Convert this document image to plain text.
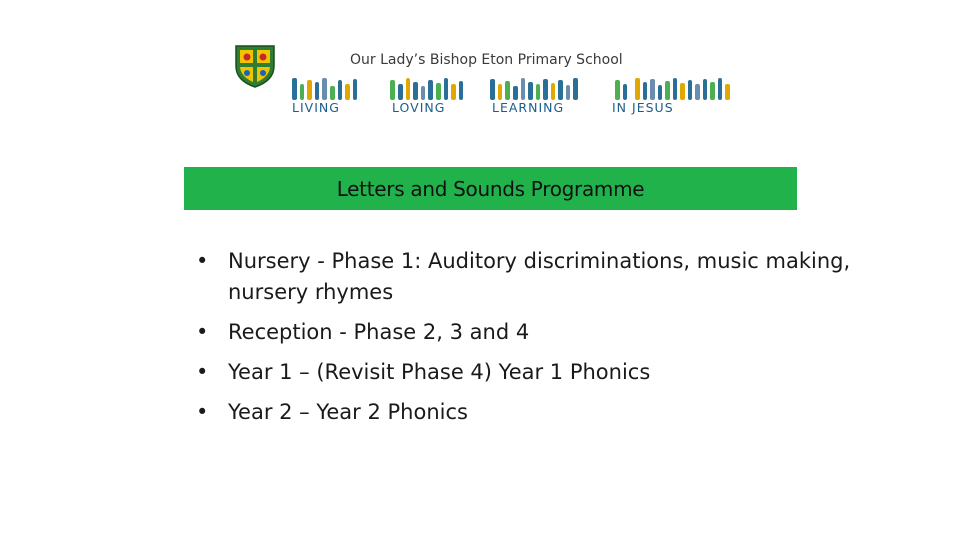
Our Lady’s Bishop Eton Primary School
LIVING	LOVING	LEARNING	IN JESUS
Letters and Sounds Programme
• Nursery - Phase 1: Auditory discriminations, music making, nursery rhymes
• Reception - Phase 2, 3 and 4
• Year 1 – (Revisit Phase 4) Year 1 Phonics
• Year 2 – Year 2 Phonics
